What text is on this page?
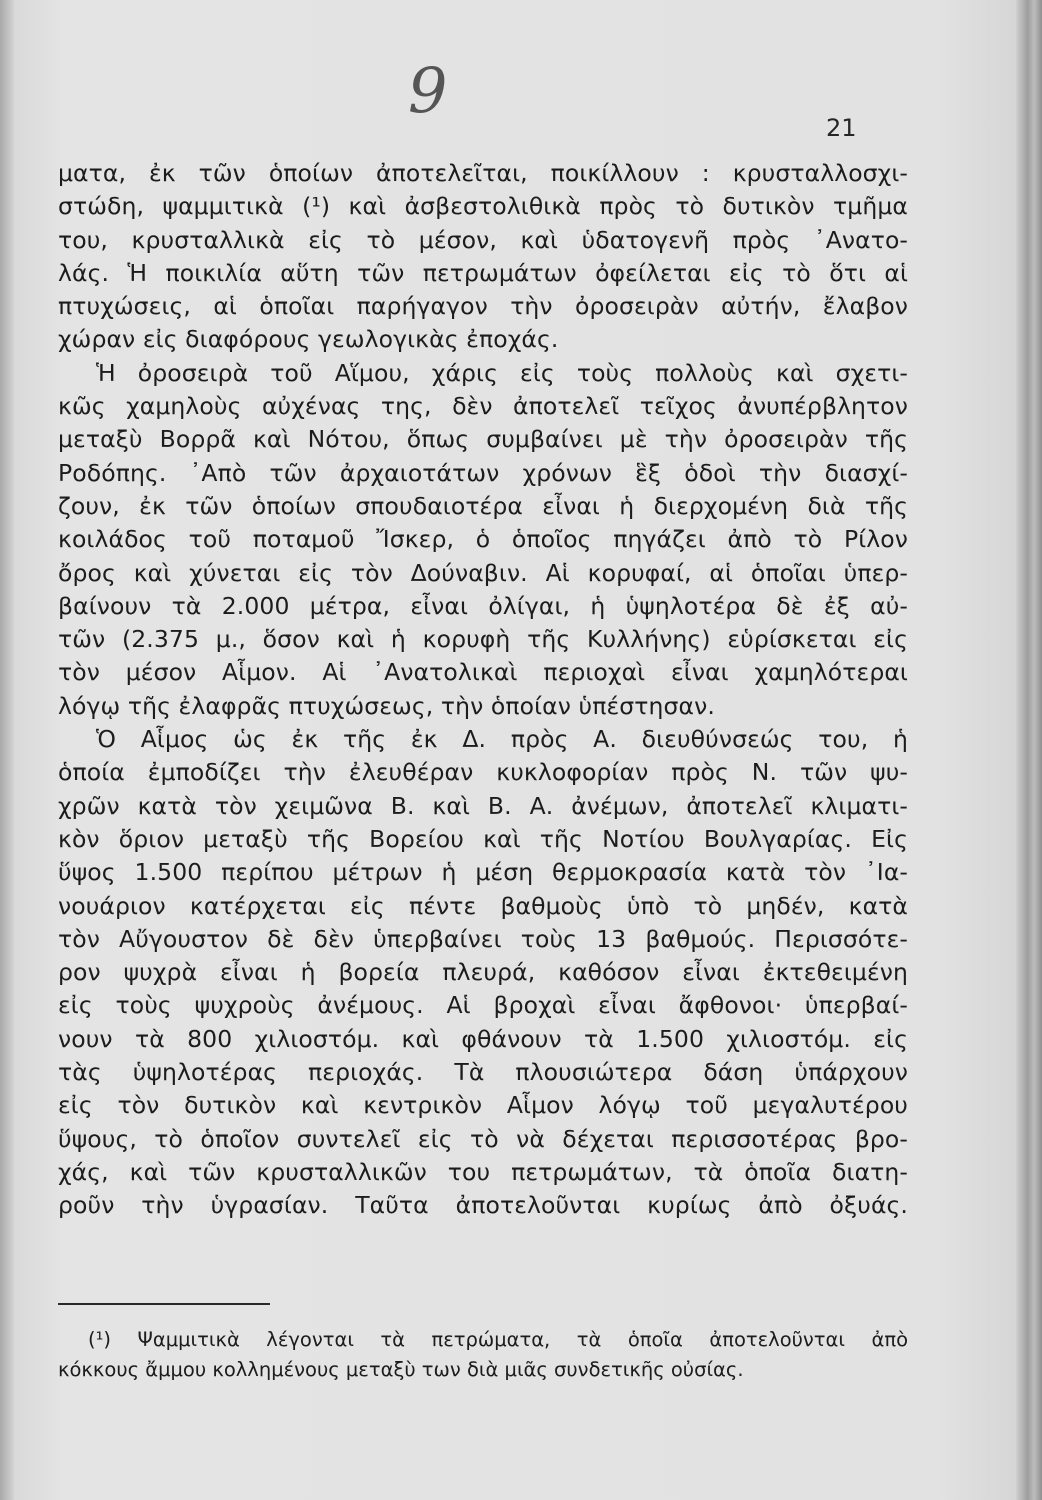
9
21
ματα, ἐκ τῶν ὁποίων ἀποτελεῖται, ποικίλλουν : κρυσταλλοσχι-
στώδη, ψαμμιτικὰ (¹) καὶ ἀσβεστολιθικὰ πρὸς τὸ δυτικὸν τμῆμα
του, κρυσταλλικὰ εἰς τὸ μέσον, καὶ ὑδατογενῆ πρὸς ᾿Ανατο-
λάς. Ἡ ποικιλία αὕτη τῶν πετρωμάτων ὀφείλεται εἰς τὸ ὅτι αἱ
πτυχώσεις, αἱ ὁποῖαι παρήγαγον τὴν ὀροσειρὰν αὐτήν, ἔλαβον
χώραν εἰς διαφόρους γεωλογικὰς ἐποχάς.
Ἡ ὀροσειρὰ τοῦ Αἵμου, χάρις εἰς τοὺς πολλοὺς καὶ σχετι-
κῶς χαμηλοὺς αὐχένας της, δὲν ἀποτελεῖ τεῖχος ἀνυπέρβλητον
μεταξὺ Βορρᾶ καὶ Νότου, ὅπως συμβαίνει μὲ τὴν ὀροσειρὰν τῆς
Ροδόπης. ᾿Απὸ τῶν ἀρχαιοτάτων χρόνων ἓξ ὁδοὶ τὴν διασχί-
ζουν, ἐκ τῶν ὁποίων σπουδαιοτέρα εἶναι ἡ διερχομένη διὰ τῆς
κοιλάδος τοῦ ποταμοῦ Ἴσκερ, ὁ ὁποῖος πηγάζει ἀπὸ τὸ Ρίλον
ὄρος καὶ χύνεται εἰς τὸν Δούναβιν. Αἱ κορυφαί, αἱ ὁποῖαι ὑπερ-
βαίνουν τὰ 2.000 μέτρα, εἶναι ὀλίγαι, ἡ ὑψηλοτέρα δὲ ἐξ αὐ-
τῶν (2.375 μ., ὅσον καὶ ἡ κορυφὴ τῆς Κυλλήνης) εὑρίσκεται εἰς
τὸν μέσον Αἷμον. Αἱ ᾿Ανατολικαὶ περιοχαὶ εἶναι χαμηλότεραι
λόγῳ τῆς ἐλαφρᾶς πτυχώσεως, τὴν ὁποίαν ὑπέστησαν.
Ὁ Αἷμος ὡς ἐκ τῆς ἐκ Δ. πρὸς Α. διευθύνσεώς του, ἡ
ὁποία ἐμποδίζει τὴν ἐλευθέραν κυκλοφορίαν πρὸς Ν. τῶν ψυ-
χρῶν κατὰ τὸν χειμῶνα Β. καὶ Β. Α. ἀνέμων, ἀποτελεῖ κλιματι-
κὸν ὅριον μεταξὺ τῆς Βορείου καὶ τῆς Νοτίου Βουλγαρίας. Εἰς
ὕψος 1.500 περίπου μέτρων ἡ μέση θερμοκρασία κατὰ τὸν ᾿Ια-
νουάριον κατέρχεται εἰς πέντε βαθμοὺς ὑπὸ τὸ μηδέν, κατὰ
τὸν Αὔγουστον δὲ δὲν ὑπερβαίνει τοὺς 13 βαθμούς. Περισσότε-
ρον ψυχρὰ εἶναι ἡ βορεία πλευρά, καθόσον εἶναι ἐκτεθειμένη
εἰς τοὺς ψυχροὺς ἀνέμους. Αἱ βροχαὶ εἶναι ἄφθονοι· ὑπερβαί-
νουν τὰ 800 χιλιοστόμ. καὶ φθάνουν τὰ 1.500 χιλιοστόμ. εἰς
τὰς ὑψηλοτέρας περιοχάς. Τὰ πλουσιώτερα δάση ὑπάρχουν
εἰς τὸν δυτικὸν καὶ κεντρικὸν Αἷμον λόγῳ τοῦ μεγαλυτέρου
ὕψους, τὸ ὁποῖον συντελεῖ εἰς τὸ νὰ δέχεται περισσοτέρας βρο-
χάς, καὶ τῶν κρυσταλλικῶν του πετρωμάτων, τὰ ὁποῖα διατη-
ροῦν τὴν ὑγρασίαν. Ταῦτα ἀποτελοῦνται κυρίως ἀπὸ ὀξυάς.
(¹) Ψαμμιτικὰ λέγονται τὰ πετρώματα, τὰ ὁποῖα ἀποτελοῦνται ἀπὸ
κόκκους ἄμμου κολλημένους μεταξὺ των διὰ μιᾶς συνδετικῆς οὐσίας.
